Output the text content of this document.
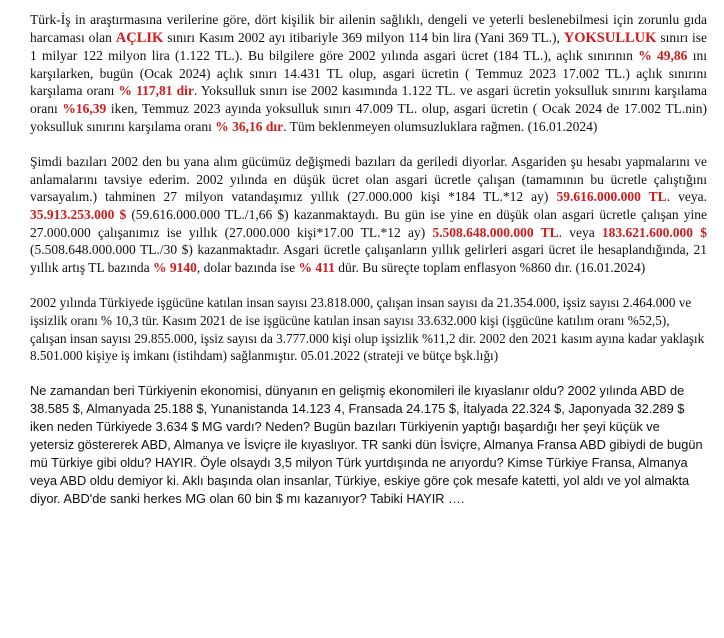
Türk-İş in araştırmasına verilerine göre, dört kişilik bir ailenin sağlıklı, dengeli ve yeterli beslenebilmesi için zorunlu gıda harcaması olan AÇLIK sınırı Kasım 2002 ayı itibariyle 369 milyon 114 bin lira (Yani 369 TL.), YOKSULLUK sınırı ise 1 milyar 122 milyon lira (1.122 TL.). Bu bilgilere göre 2002 yılında asgari ücret (184 TL.), açlık sınırının % 49,86 ını karşılarken, bugün (Ocak 2024) açlık sınırı 14.431 TL olup, asgari ücretin ( Temmuz 2023 17.002 TL.) açlık sınırını karşılama oranı % 117,81 dir. Yoksulluk sınırı ise 2002 kasımında 1.122 TL. ve asgari ücretin yoksulluk sınırını karşılama oranı %16,39 iken, Temmuz 2023 ayında yoksulluk sınırı 47.009 TL. olup, asgari ücretin ( Ocak 2024 de 17.002 TL.nin) yoksulluk sınırını karşılama oranı % 36,16 dır. Tüm beklenmeyen olumsuzluklara rağmen. (16.01.2024)

Şimdi bazıları 2002 den bu yana alım gücümüz değişmedi bazıları da geriledi diyorlar. Asgariden şu hesabı yapmalarını ve anlamalarını tavsiye ederim. 2002 yılında en düşük ücret olan asgari ücretle çalışan (tamamının bu ücretle çalıştığını varsayalım.) tahminen 27 milyon vatandaşımız yıllık (27.000.000 kişi *184 TL.*12 ay) 59.616.000.000 TL. veya. 35.913.253.000 $ (59.616.000.000 TL./1,66 $) kazanmaktaydı. Bu gün ise yine en düşük olan asgari ücretle çalışan yine 27.000.000 çalışanımız ise yıllık (27.000.000 kişi*17.00 TL.*12 ay) 5.508.648.000.000 TL. veya 183.621.600.000 $ (5.508.648.000.000 TL./30 $) kazanmaktadır. Asgari ücretle çalışanların yıllık gelirleri asgari ücret ile hesaplandığında, 21 yıllık artış TL bazında % 9140, dolar bazında ise % 411 dür. Bu süreçte toplam enflasyon %860 dır. (16.01.2024)

2002 yılında Türkiyede işgücüne katılan insan sayısı 23.818.000, çalışan insan sayısı da 21.354.000, işsiz sayısı 2.464.000 ve işsizlik oranı % 10,3 tür. Kasım 2021 de ise işgücüne katılan insan sayısı 33.632.000 kişi (işgücüne katılım oranı %52,5), çalışan insan sayısı 29.855.000, işsiz sayısı da 3.777.000 kişi olup işsizlik %11,2 dir. 2002 den 2021 kasım ayına kadar yaklaşık 8.501.000 kişiye iş imkanı (istihdam) sağlanmıştır. 05.01.2022 (strateji ve bütçe bşk.lığı)

Ne zamandan beri Türkiyenin ekonomisi, dünyanın en gelişmiş ekonomileri ile kıyaslanır oldu? 2002 yılında ABD de 38.585 $, Almanyada 25.188 $, Yunanistanda 14.123 4, Fransada 24.175 $, İtalyada 22.324 $, Japonyada 32.289 $ iken neden Türkiyede 3.634 $ MG vardı? Neden? Bugün bazıları Türkiyenin yaptığı başardığı her şeyi küçük ve yetersiz göstererek ABD, Almanya ve İsviçre ile kıyaslıyor. TR sanki dün İsviçre, Almanya Fransa ABD gibiydi de bugün mü Türkiye gibi oldu? HAYIR. Öyle olsaydı 3,5 milyon Türk yurtdışında ne arıyordu? Kimse Türkiye Fransa, Almanya veya ABD oldu demiyor ki. Aklı başında olan insanlar, Türkiye, eskiye göre çok mesafe katetti, yol aldı ve yol almakta diyor. ABD'de sanki herkes MG olan 60 bin $ mı kazanıyor? Tabiki HAYIR ….
